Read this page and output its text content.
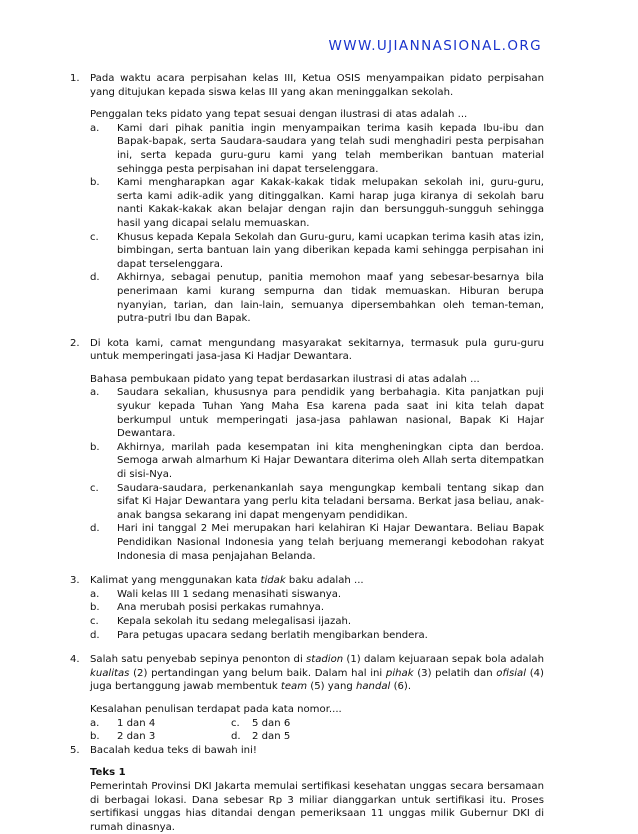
WWW.UJIANNASIONAL.ORG
1. Pada waktu acara perpisahan kelas III, Ketua OSIS menyampaikan pidato perpisahan yang ditujukan kepada siswa kelas III yang akan meninggalkan sekolah.

Penggalan teks pidato yang tepat sesuai dengan ilustrasi di atas adalah ...

a. Kami dari pihak panitia ingin menyampaikan terima kasih kepada Ibu-ibu dan Bapak-bapak, serta Saudara-saudara yang telah sudi menghadiri pesta perpisahan ini, serta kepada guru-guru kami yang telah memberikan bantuan material sehingga pesta perpisahan ini dapat terselenggara.
b. Kami mengharapkan agar Kakak-kakak tidak melupakan sekolah ini, guru-guru, serta kami adik-adik yang ditinggalkan. Kami harap juga kiranya di sekolah baru nanti Kakak-kakak akan belajar dengan rajin dan bersungguh-sungguh sehingga hasil yang dicapai selalu memuaskan.
c. Khusus kepada Kepala Sekolah dan Guru-guru, kami ucapkan terima kasih atas izin, bimbingan, serta bantuan lain yang diberikan kepada kami sehingga perpisahan ini dapat terselenggara.
d. Akhirnya, sebagai penutup, panitia memohon maaf yang sebesar-besarnya bila penerimaan kami kurang sempurna dan tidak memuaskan. Hiburan berupa nyanyian, tarian, dan lain-lain, semuanya dipersembahkan oleh teman-teman, putra-putri Ibu dan Bapak.
2. Di kota kami, camat mengundang masyarakat sekitarnya, termasuk pula guru-guru untuk memperingati jasa-jasa Ki Hadjar Dewantara.

Bahasa pembukaan pidato yang tepat berdasarkan ilustrasi di atas adalah ...

a. Saudara sekalian, khususnya para pendidik yang berbahagia. Kita panjatkan puji syukur kepada Tuhan Yang Maha Esa karena pada saat ini kita telah dapat berkumpul untuk memperingati jasa-jasa pahlawan nasional, Bapak Ki Hajar Dewantara.
b. Akhirnya, marilah pada kesempatan ini kita mengheningkan cipta dan berdoa. Semoga arwah almarhum Ki Hajar Dewantara diterima oleh Allah serta ditempatkan di sisi-Nya.
c. Saudara-saudara, perkenankanlah saya mengungkap kembali tentang sikap dan sifat Ki Hajar Dewantara yang perlu kita teladani bersama. Berkat jasa beliau, anak-anak bangsa sekarang ini dapat mengenyam pendidikan.
d. Hari ini tanggal 2 Mei merupakan hari kelahiran Ki Hajar Dewantara. Beliau Bapak Pendidikan Nasional Indonesia yang telah berjuang memerangi kebodohan rakyat Indonesia di masa penjajahan Belanda.
3. Kalimat yang menggunakan kata tidak baku adalah ...

a. Wali kelas III 1 sedang menasihati siswanya.
b. Ana merubah posisi perkakas rumahnya.
c. Kepala sekolah itu sedang melegalisasi ijazah.
d. Para petugas upacara sedang berlatih mengibarkan bendera.
4. Salah satu penyebab sepinya penonton di stadion (1) dalam kejuaraan sepak bola adalah kualitas (2) pertandingan yang belum baik. Dalam hal ini pihak (3) pelatih dan ofisial (4) juga bertanggung jawab membentuk team (5) yang handal (6).

Kesalahan penulisan terdapat pada kata nomor....

a. 1 dan 4	c. 5 dan 6
b. 2 dan 3	d. 2 dan 5
5. Bacalah kedua teks di bawah ini!

Teks 1

Pemerintah Provinsi DKI Jakarta memulai sertifikasi kesehatan unggas secara bersamaan di berbagai lokasi. Dana sebesar Rp 3 miliar dianggarkan untuk sertifikasi itu. Proses sertifikasi unggas hias ditandai dengan pemeriksaan 11 unggas milik Gubernur DKI di rumah dinasnya.
